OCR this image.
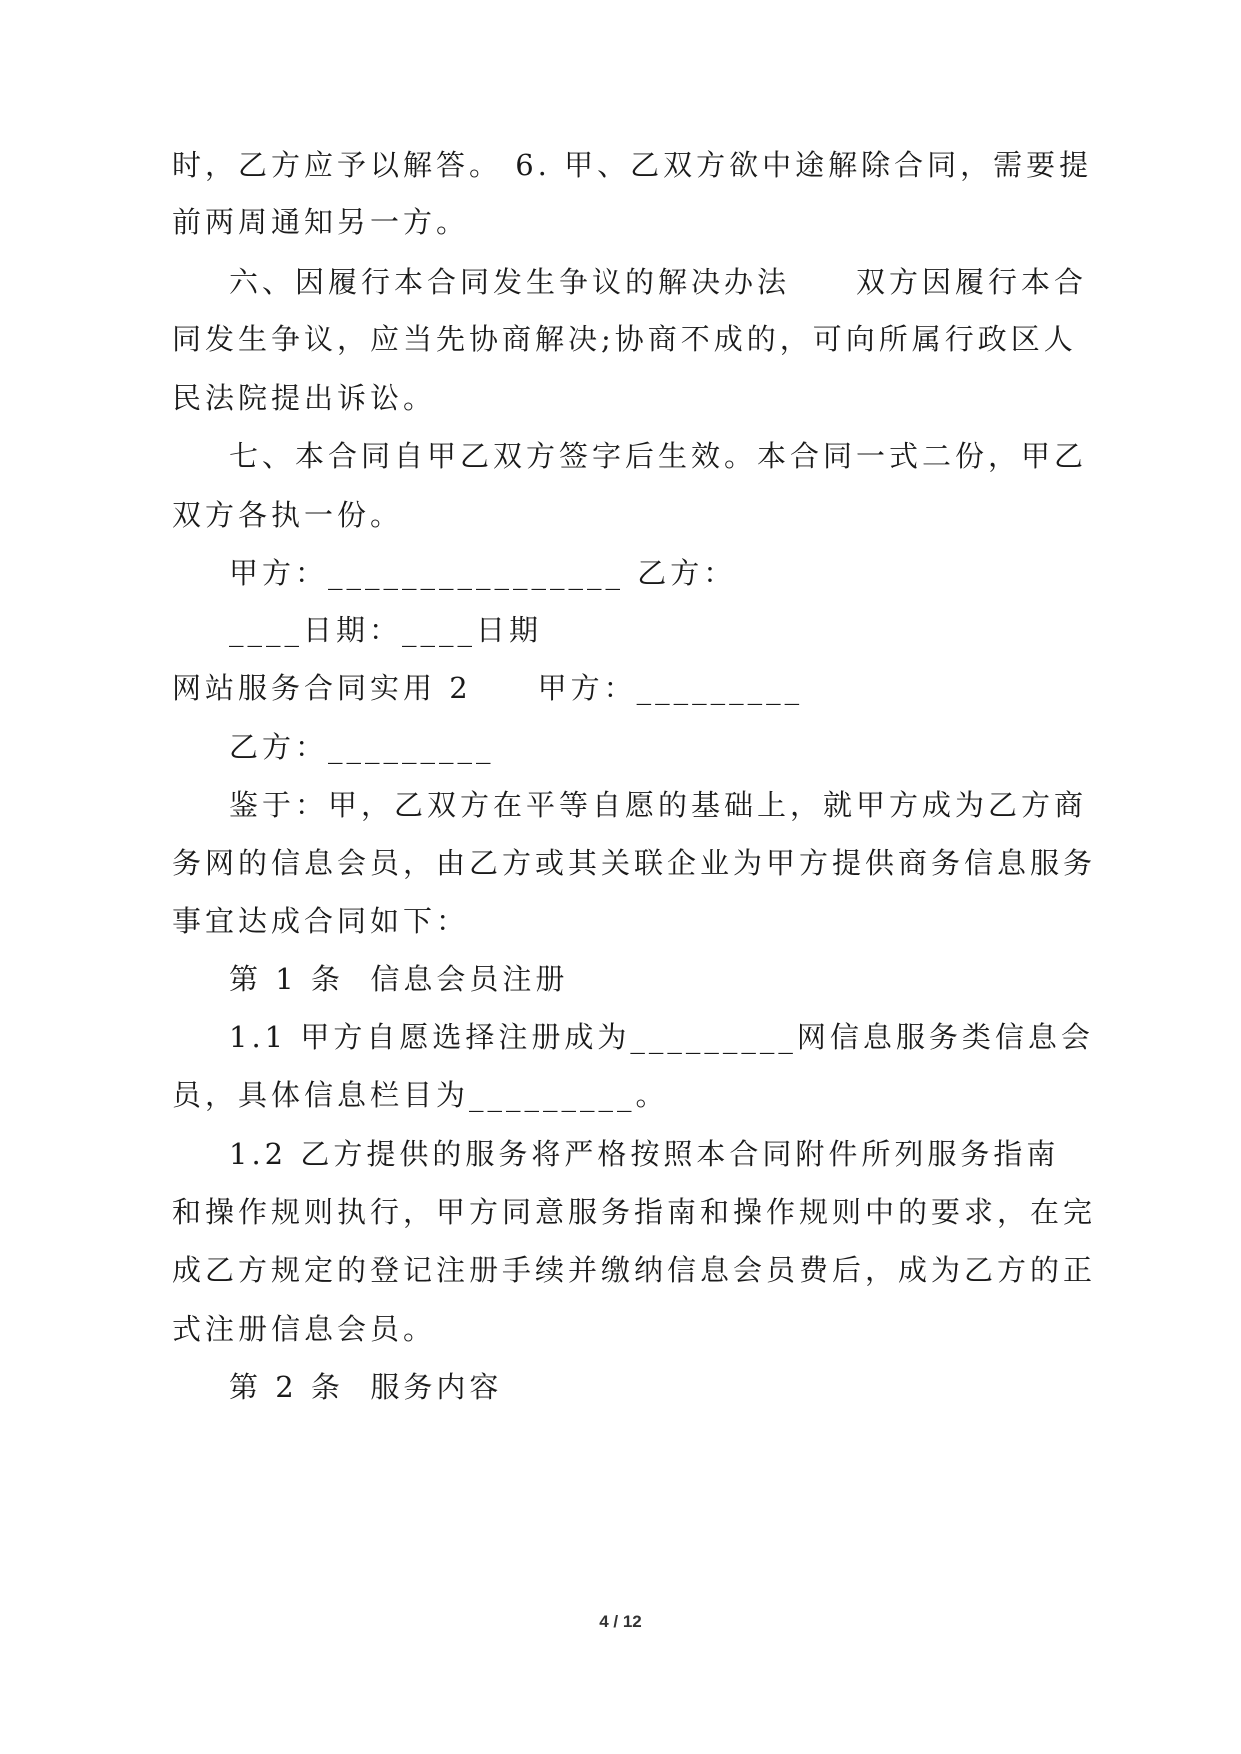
时，乙方应予以解答。 6. 甲、乙双方欲中途解除合同，需要提
前两周通知另一方。
六、因履行本合同发生争议的解决办法　　双方因履行本合
同发生争议，应当先协商解决;协商不成的，可向所属行政区人
民法院提出诉讼。
七、本合同自甲乙双方签字后生效。本合同一式二份，甲乙
双方各执一份。
甲方：________________ 乙方：
____日期：____日期
网站服务合同实用 2　　甲方：_________
乙方：_________
鉴于：甲，乙双方在平等自愿的基础上，就甲方成为乙方商
务网的信息会员，由乙方或其关联企业为甲方提供商务信息服务
事宜达成合同如下：
第 1 条  信息会员注册
1.1 甲方自愿选择注册成为_________网信息服务类信息会
员，具体信息栏目为_________。
1.2 乙方提供的服务将严格按照本合同附件所列服务指南
和操作规则执行，甲方同意服务指南和操作规则中的要求，在完
成乙方规定的登记注册手续并缴纳信息会员费后，成为乙方的正
式注册信息会员。
第 2 条  服务内容
4 / 12
